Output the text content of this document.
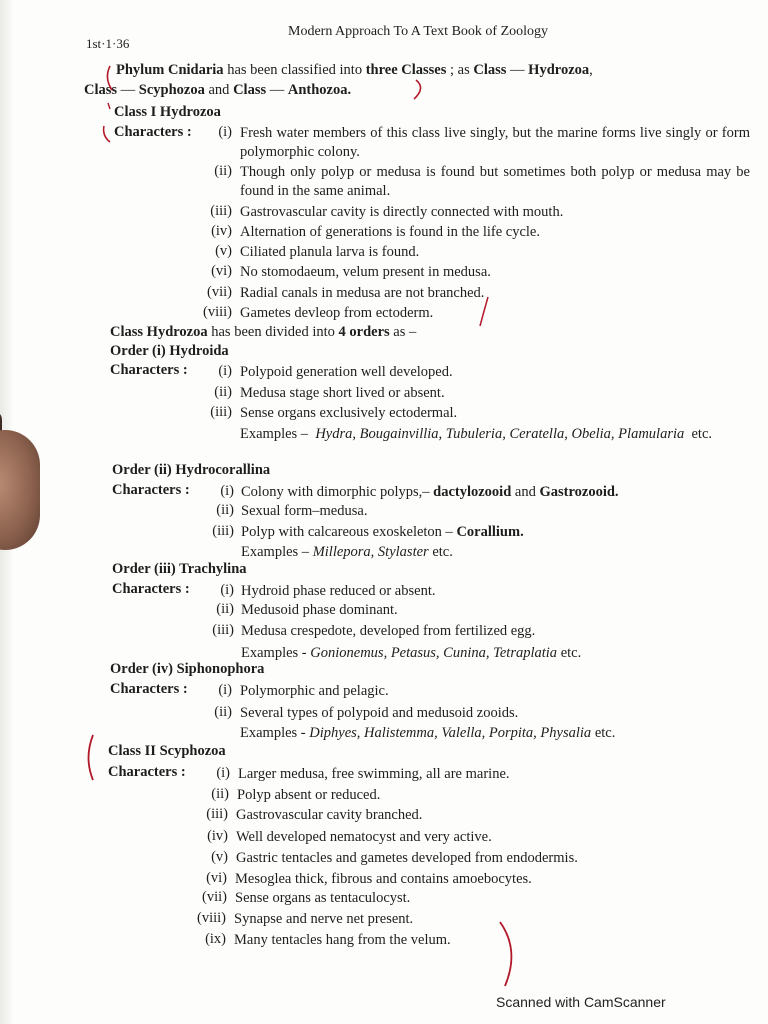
1st·1·36
Modern Approach To A Text Book of Zoology
Phylum Cnidaria has been classified into three Classes ; as Class — Hydrozoa,
Class — Scyphozoa and Class — Anthozoa.
Class I Hydrozoa
Characters :	(i) Fresh water members of this class live singly, but the marine forms live singly or form polymorphic colony.
(ii) Though only polyp or medusa is found but sometimes both polyp or medusa may be found in the same animal.
(iii) Gastrovascular cavity is directly connected with mouth.
(iv) Alternation of generations is found in the life cycle.
(v) Ciliated planula larva is found.
(vi) No stomodaeum, velum present in medusa.
(vii) Radial canals in medusa are not branched.
(viii) Gametes devleop from ectoderm.
Class Hydrozoa has been divided into 4 orders as –
Order (i) Hydroida
Characters :	(i) Polypoid generation well developed.
(ii) Medusa stage short lived or absent.
(iii) Sense organs exclusively ectodermal.
Examples – Hydra, Bougainvillia, Tubuleria, Ceratella, Obelia, Plamularia etc.
Order (ii) Hydrocorallina
Characters :	(i) Colony with dimorphic polyps,– dactylozooid and Gastrozooid.
(ii) Sexual form–medusa.
(iii) Polyp with calcareous exoskeleton – Corallium.
Examples – Millepora, Stylaster etc.
Order (iii) Trachylina
Characters :	(i) Hydroid phase reduced or absent.
(ii) Medusoid phase dominant.
(iii) Medusa crespedote, developed from fertilized egg.
Examples - Gonionemus, Petasus, Cunina, Tetraplatia etc.
Order (iv) Siphonophora
Characters :	(i) Polymorphic and pelagic.
(ii) Several types of polypoid and medusoid zooids.
Examples - Diphyes, Halistemma, Valella, Porpita, Physalia etc.
Class II Scyphozoa
Characters :	(i) Larger medusa, free swimming, all are marine.
(ii) Polyp absent or reduced.
(iii) Gastrovascular cavity branched.
(iv) Well developed nematocyst and very active.
(v) Gastric tentacles and gametes developed from endodermis.
(vi) Mesoglea thick, fibrous and contains amoebocytes.
(vii) Sense organs as tentaculocyst.
(viii) Synapse and nerve net present.
(ix) Many tentacles hang from the velum.
Scanned with CamScanner
